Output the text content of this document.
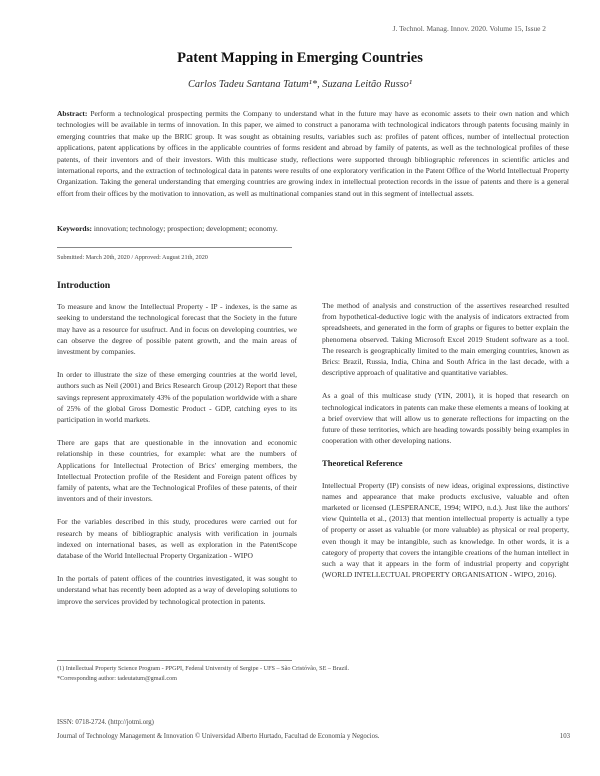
J. Technol. Manag. Innov. 2020. Volume 15, Issue 2
Patent Mapping in Emerging Countries
Carlos Tadeu Santana Tatum¹*, Suzana Leitão Russo¹
Abstract: Perform a technological prospecting permits the Company to understand what in the future may have as economic assets to their own nation and which technologies will be available in terms of innovation. In this paper, we aimed to construct a panorama with technological indicators through patents focusing mainly in emerging countries that make up the BRIC group. It was sought as obtaining results, variables such as: profiles of patent offices, number of intellectual protection applications, patent applications by offices in the applicable countries of forms resident and abroad by family of patents, as well as the technological profiles of these patents, of their inventors and of their investors. With this multicase study, reflections were supported through bibliographic references in scientific articles and international reports, and the extraction of technological data in patents were results of one exploratory verification in the Patent Office of the World Intellectual Property Organization. Taking the general understanding that emerging countries are growing index in intellectual protection records in the issue of patents and there is a general effort from their offices by the motivation to innovation, as well as multinational companies stand out in this segment of intellectual assets.
Keywords: innovation; technology; prospection; development; economy.
Submitted: March 20th, 2020 / Approved: August 21th, 2020
Introduction

To measure and know the Intellectual Property - IP - indexes, is the same as seeking to understand the technological forecast that the Society in the future may have as a resource for usufruct. And in focus on developing countries, we can observe the degree of possible patent growth, and the main areas of investment by companies.

In order to illustrate the size of these emerging countries at the world level, authors such as Neil (2001) and Brics Research Group (2012) Report that these savings represent approximately 43% of the population worldwide with a share of 25% of the global Gross Domestic Product - GDP, catching eyes to its participation in world markets.

There are gaps that are questionable in the innovation and economic relationship in these countries, for example: what are the numbers of Applications for Intellectual Protection of Brics' emerging members, the Intellectual Protection profile of the Resident and Foreign patent offices by family of patents, what are the Technological Profiles of these patents, of their inventors and of their investors.

For the variables described in this study, procedures were carried out for research by means of bibliographic analysis with verification in journals indexed on international bases, as well as exploration in the PatentScope database of the World Intellectual Property Organization - WIPO

In the portals of patent offices of the countries investigated, it was sought to understand what has recently been adopted as a way of developing solutions to improve the services provided by technological protection in patents.

The method of analysis and construction of the assertives researched resulted from hypothetical-deductive logic with the analysis of indicators extracted from spreadsheets, and generated in the form of graphs or figures to better explain the phenomena observed. Taking Microsoft Excel 2019 Student software as a tool. The research is geographically limited to the main emerging countries, known as Brics: Brazil, Russia, India, China and South Africa in the last decade, with a descriptive approach of qualitative and quantitative variables.

As a goal of this multicase study (YIN, 2001), it is hoped that research on technological indicators in patents can make these elements a means of looking at a brief overview that will allow us to generate reflections for impacting on the future of these territories, which are heading towards possibly being examples in cooperation with other developing nations.

Theoretical Reference

Intellectual Property (IP) consists of new ideas, original expressions, distinctive names and appearance that make products exclusive, valuable and often marketed or licensed (LESPERANCE, 1994; WIPO, n.d.). Just like the authors' view Quintella et al., (2013) that mention intellectual property is actually a type of property or asset as valuable (or more valuable) as physical or real property, even though it may be intangible, such as knowledge. In other words, it is a category of property that covers the intangible creations of the human intellect in such a way that it appears in the form of industrial property and copyright (WORLD INTELLECTUAL PROPERTY ORGANISATION - WIPO, 2016).

(1) Intellectual Property Science Program - PPGPI, Federal University of Sergipe - UFS – São Cristóvão, SE – Brazil.
*Corresponding author: tadeutatum@gmail.com
ISSN: 0718-2724. (http://jotmi.org)
Journal of Technology Management & Innovation © Universidad Alberto Hurtado, Facultad de Economía y Negocios.	103
